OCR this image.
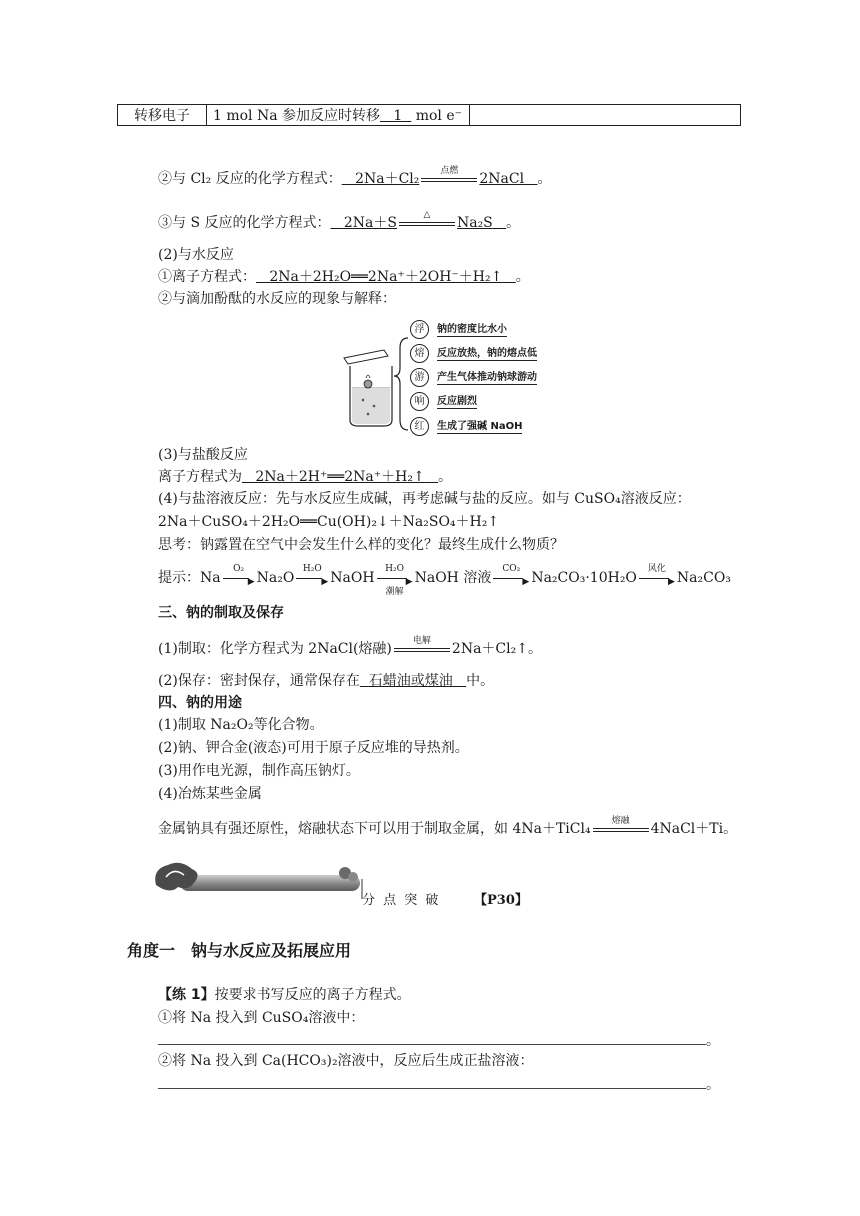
转移电子	1 mol Na 参加反应时转移 1 mol e⁻	
②与 Cl₂ 反应的化学方程式： 2Na＋Cl₂	点燃	2NaCl 。
③与 S 反应的化学方程式： 2Na＋S	△	Na₂S 。
(2)与水反应
①离子方程式： 2Na＋2H₂O══2Na⁺＋2OH⁻＋H₂↑ 。
②与滴加酚酞的水反应的现象与解释：
浮 钠的密度比水小
熔 反应放热，钠的熔点低
游 产生气体推动钠球游动
响 反应剧烈
红 生成了强碱 NaOH
(3)与盐酸反应
离子方程式为 2Na＋2H⁺══2Na⁺＋H₂↑ 。
(4)与盐溶液反应：先与水反应生成碱，再考虑碱与盐的反应。如与 CuSO₄溶液反应：
2Na＋CuSO₄＋2H₂O══Cu(OH)₂↓＋Na₂SO₄＋H₂↑
思考：钠露置在空气中会发生什么样的变化？最终生成什么物质？
提示：Na
O₂
▶ Na₂O
H₂O
▶ NaOH
H₂O
▶
潮解
NaOH 溶液
CO₂
▶ Na₂CO₃·10H₂O
风化
▶ Na₂CO₃
三、钠的制取及保存
(1)制取：化学方程式为 2NaCl(熔融)	电解	2Na＋Cl₂↑。
(2)保存：密封保存，通常保存在 石蜡油或煤油 中。
四、钠的用途
(1)制取 Na₂O₂等化合物。
(2)钠、钾合金(液态)可用于原子反应堆的导热剂。
(3)用作电光源，制作高压钠灯。
(4)冶炼某些金属
金属钠具有强还原性，熔融状态下可以用于制取金属，如 4Na＋TiCl₄	熔融	4NaCl＋Ti。
分 点 突 破	【P30】
角度一　钠与水反应及拓展应用
【练 1】按要求书写反应的离子方程式。
①将 Na 投入到 CuSO₄溶液中：
。
②将 Na 投入到 Ca(HCO₃)₂溶液中，反应后生成正盐溶液：
。
